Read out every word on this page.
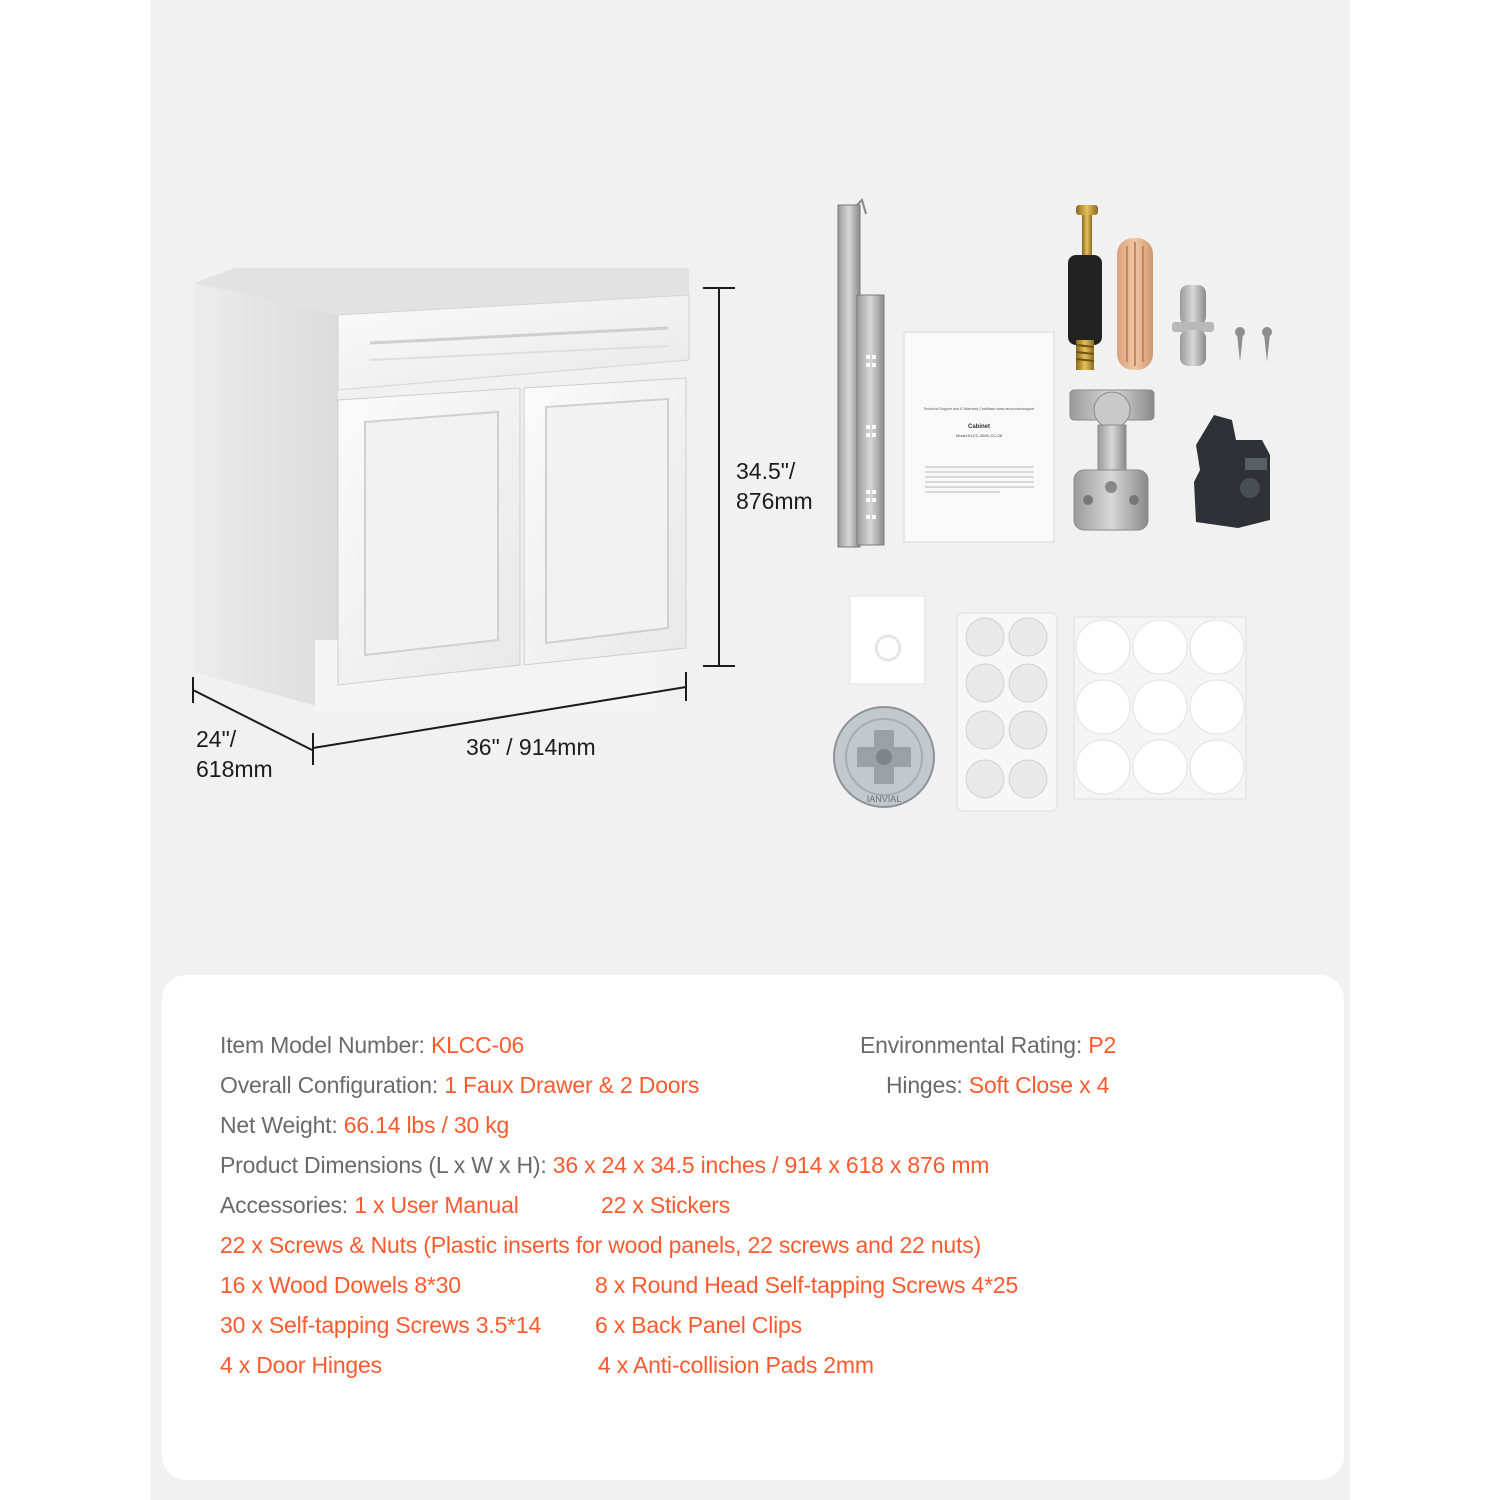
Technical Support and E-Warranty Certificate www.vevor.com/support
Cabinet
Model:KLCC-06/KLCC-06
IANVIAL
34.5"/
876mm
24"/
618mm
36" / 914mm
Item Model Number: KLCC-06	Environmental Rating: P2
Overall Configuration: 1 Faux Drawer & 2 Doors	Hinges: Soft Close x 4
Net Weight: 66.14 lbs / 30 kg
Product Dimensions (L x W x H): 36 x 24 x 34.5 inches / 914 x 618 x 876 mm
Accessories: 1 x User Manual	22 x Stickers
22 x Screws & Nuts (Plastic inserts for wood panels, 22 screws and 22 nuts)
16 x Wood Dowels 8*30	8 x Round Head Self-tapping Screws 4*25
30 x Self-tapping Screws 3.5*14 6 x Back Panel Clips
4 x Door Hinges	4 x Anti-collision Pads 2mm
